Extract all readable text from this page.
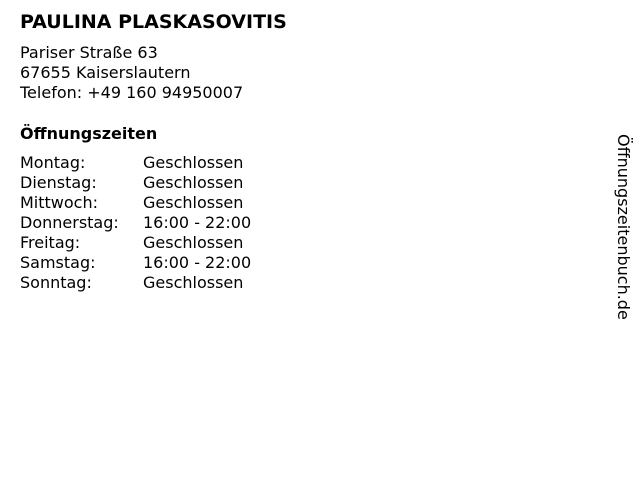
PAULINA PLASKASOVITIS
Pariser Straße 63
67655 Kaiserslautern
Telefon: +49 160 94950007
Öffnungszeiten
Montag:	Geschlossen
Dienstag:	Geschlossen
Mittwoch:	Geschlossen
Donnerstag:	16:00 - 22:00
Freitag:	Geschlossen
Samstag:	16:00 - 22:00
Sonntag:	Geschlossen	Öffnungszeitenbuch.de
